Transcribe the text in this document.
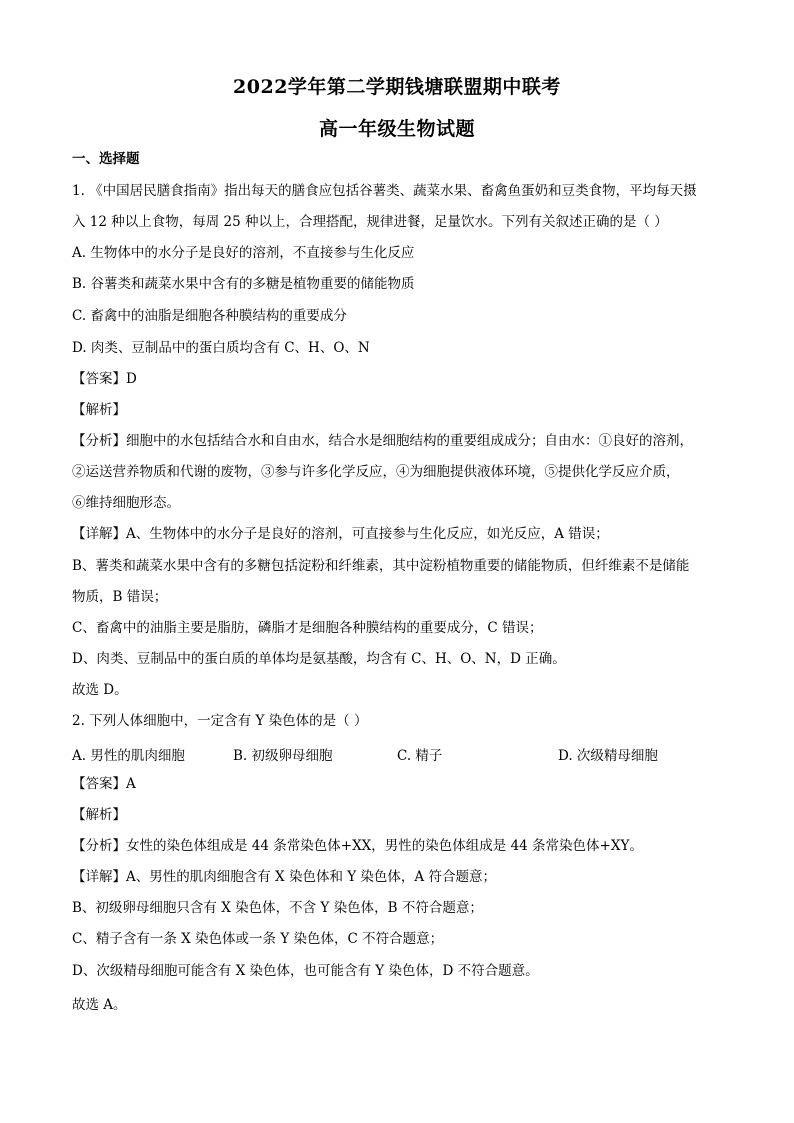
2022学年第二学期钱塘联盟期中联考
高一年级生物试题
一、选择题
1. 《中国居民膳食指南》指出每天的膳食应包括谷薯类、蔬菜水果、畜禽鱼蛋奶和豆类食物，平均每天摄
入 12 种以上食物，每周 25 种以上，合理搭配，规律进餐，足量饮水。下列有关叙述正确的是（ ）
A. 生物体中的水分子是良好的溶剂，不直接参与生化反应
B. 谷薯类和蔬菜水果中含有的多糖是植物重要的储能物质
C. 畜禽中的油脂是细胞各种膜结构的重要成分
D. 肉类、豆制品中的蛋白质均含有 C、H、O、N
【答案】D
【解析】
【分析】细胞中的水包括结合水和自由水，结合水是细胞结构的重要组成成分；自由水：①良好的溶剂，
②运送营养物质和代谢的废物，③参与许多化学反应，④为细胞提供液体环境，⑤提供化学反应介质，
⑥维持细胞形态。
【详解】A、生物体中的水分子是良好的溶剂，可直接参与生化反应，如光反应，A 错误；
B、薯类和蔬菜水果中含有的多糖包括淀粉和纤维素，其中淀粉植物重要的储能物质，但纤维素不是储能
物质，B 错误；
C、畜禽中的油脂主要是脂肪，磷脂才是细胞各种膜结构的重要成分，C 错误；
D、肉类、豆制品中的蛋白质的单体均是氨基酸，均含有 C、H、O、N，D 正确。
故选 D。
2. 下列人体细胞中，一定含有 Y 染色体的是（ ）
A. 男性的肌肉细胞	B. 初级卵母细胞	C. 精子	D. 次级精母细胞
【答案】A
【解析】
【分析】女性的染色体组成是 44 条常染色体+XX，男性的染色体组成是 44 条常染色体+XY。
【详解】A、男性的肌肉细胞含有 X 染色体和 Y 染色体，A 符合题意；
B、初级卵母细胞只含有 X 染色体，不含 Y 染色体，B 不符合题意；
C、精子含有一条 X 染色体或一条 Y 染色体，C 不符合题意；
D、次级精母细胞可能含有 X 染色体，也可能含有 Y 染色体，D 不符合题意。
故选 A。
